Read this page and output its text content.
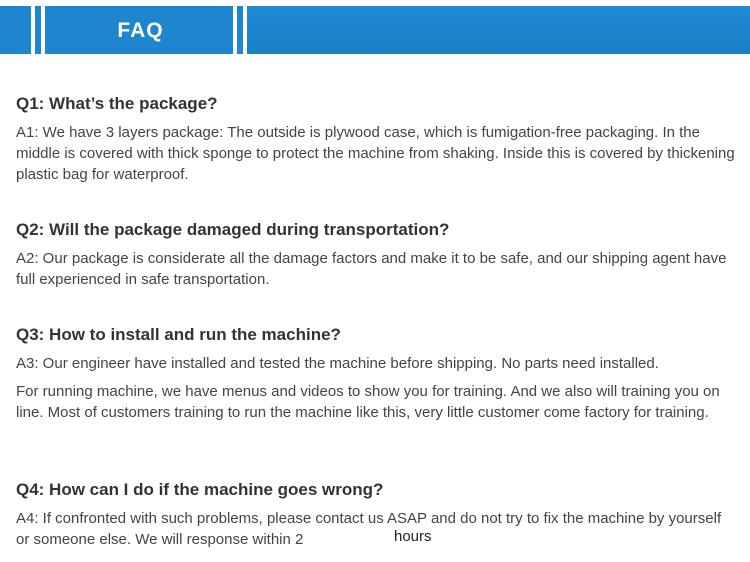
FAQ
Q1: What’s the package?

A1: We have 3 layers package: The outside is plywood case, which is fumigation-free packaging. In the middle is covered with thick sponge to protect the machine from shaking. Inside this is covered by thickening plastic bag for waterproof.

Q2: Will the package damaged during transportation?

A2: Our package is considerate all the damage factors and make it to be safe, and our shipping agent have full experienced in safe transportation.

Q3: How to install and run the machine?

A3: Our engineer have installed and tested the machine before shipping. No parts need installed.

For running machine, we have menus and videos to show you for training. And we also will training you on line. Most of customers training to run the machine like this, very little customer come factory for training.

Q4: How can I do if the machine goes wrong?

A4: If confronted with such problems, please contact us ASAP and do not try to fix the machine by yourself or someone else. We will response within 2	hours
